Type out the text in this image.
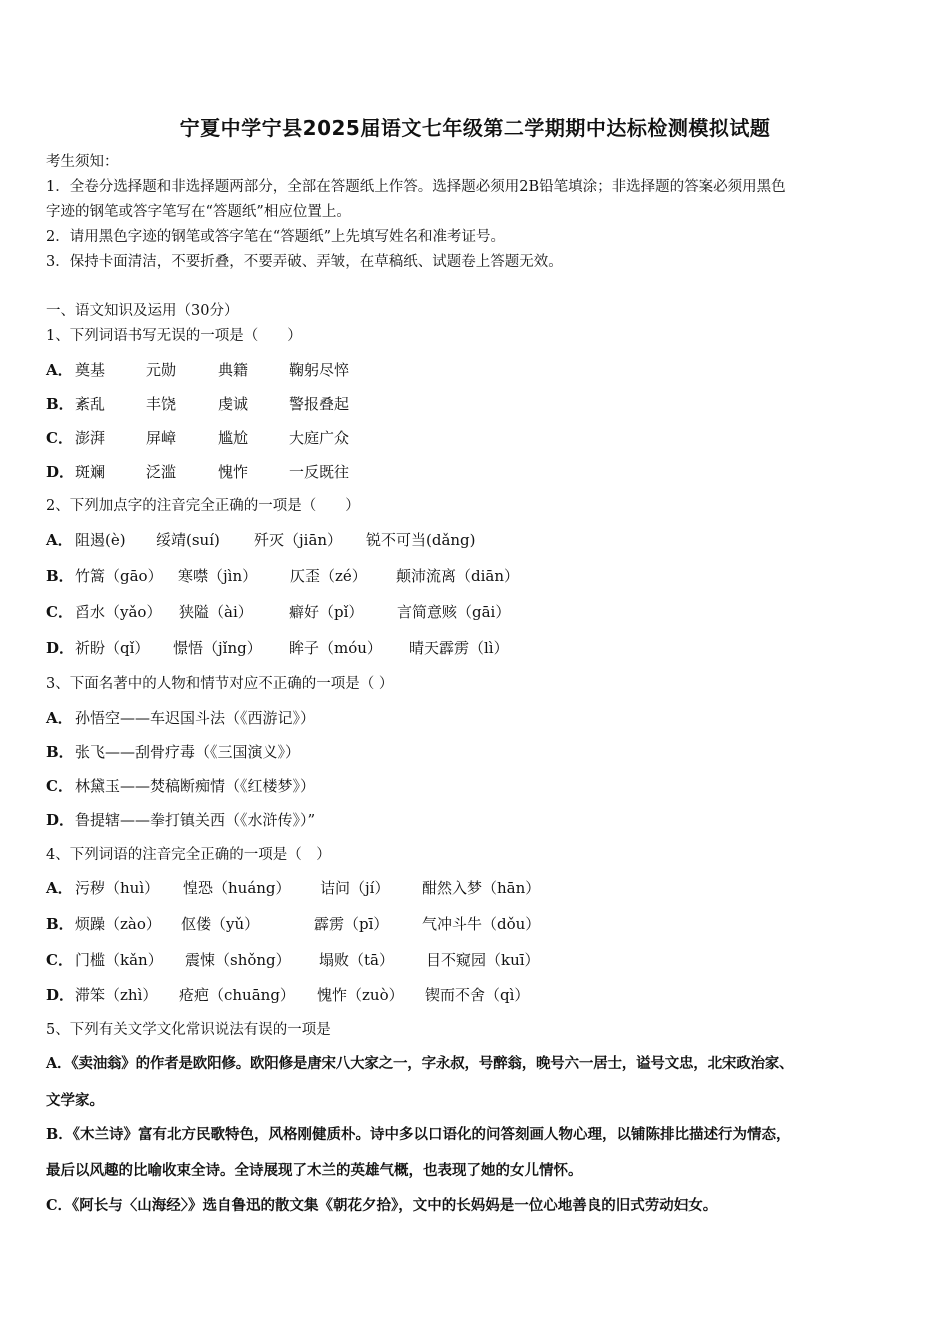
宁夏中学宁县2025届语文七年级第二学期期中达标检测模拟试题
考生须知：
1．全卷分选择题和非选择题两部分，全部在答题纸上作答。选择题必须用2B铅笔填涂；非选择题的答案必须用黑色
字迹的钢笔或答字笔写在“答题纸”相应位置上。
2．请用黑色字迹的钢笔或答字笔在“答题纸”上先填写姓名和准考证号。
3．保持卡面清洁，不要折叠，不要弄破、弄皱，在草稿纸、试题卷上答题无效。
一、语文知识及运用（30分）
1、下列词语书写无误的一项是（　　）
A． 奠基	元勋	典籍	鞠躬尽悴
B．紊乱	丰饶	虔诚	警报叠起
C． 澎湃	屏嶂	尴尬	大庭广众
D．斑斓	泛滥	愧怍	一反既往
2、下列加点字的注音完全正确的一项是（　　）
A． 阻遏(è) 绥靖(suí) 歼灭（jiān） 锐不可当(dǎng)
B．竹篙（gāo） 寒噤（jìn） 仄歪（zé） 颠沛流离（diān）
C． 舀水（yǎo） 狭隘（ài） 癖好（pǐ） 言简意赅（gāi）
D．祈盼（qǐ） 憬悟（jǐng） 眸子（móu） 晴天霹雳（lì）
3、下面名著中的人物和情节对应不正确的一项是（ ）
A． 孙悟空——车迟国斗法（《西游记》）
B．张飞——刮骨疗毒（《三国演义》）
C． 林黛玉——焚稿断痴情（《红楼梦》）
D．鲁提辖——拳打镇关西（《水浒传》）”
4、下列词语的注音完全正确的一项是（　）
A． 污秽（huì） 惶恐（huáng） 诘问（jí） 酣然入梦（hān）
B．烦躁（zào） 伛偻（yǔ）	霹雳（pī） 气冲斗牛（dǒu）
C． 门槛（kǎn） 震悚（shǒng） 塌败（tā） 目不窥园（kuī）
D．滞笨（zhì） 疮疤（chuāng） 愧怍（zuò） 锲而不舍（qì）
5、下列有关文学文化常识说法有误的一项是
A．《卖油翁》的作者是欧阳修。欧阳修是唐宋八大家之一，字永叔，号醉翁，晚号六一居士，谥号文忠，北宋政治家、
文学家。
B．《木兰诗》富有北方民歌特色，风格刚健质朴。诗中多以口语化的问答刻画人物心理，以铺陈排比描述行为情态，
最后以风趣的比喻收束全诗。全诗展现了木兰的英雄气概，也表现了她的女儿情怀。
C．《阿长与〈山海经〉》选自鲁迅的散文集《朝花夕拾》，文中的长妈妈是一位心地善良的旧式劳动妇女。
